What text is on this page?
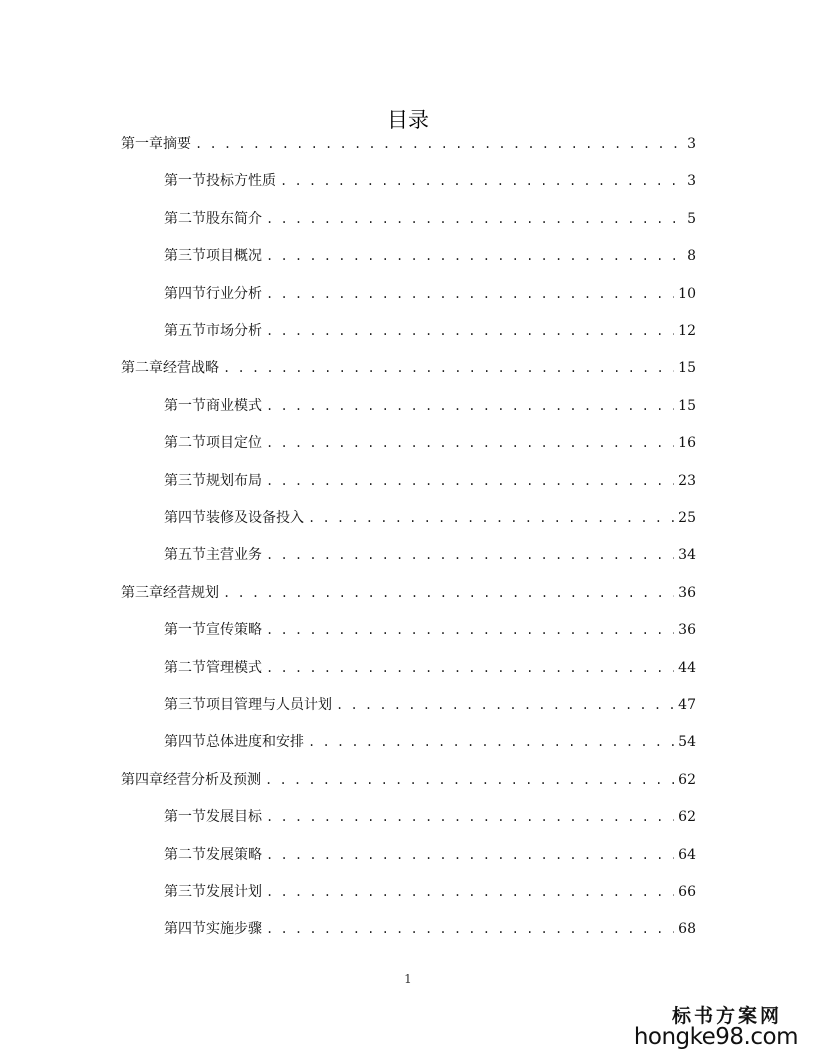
目录
第一章摘要 . . .	3
第一节投标方性质 . . .	3
第二节股东简介 . . .	5
第三节项目概况 . . .	8
第四节行业分析 . . .	10
第五节市场分析 . . .	12
第二章经营战略 . . .	15
第一节商业模式 . . .	15
第二节项目定位 . . .	16
第三节规划布局 . . .	23
第四节装修及设备投入 . . .	25
第五节主营业务 . . .	34
第三章经营规划 . . .	36
第一节宣传策略 . . .	36
第二节管理模式 . . .	44
第三节项目管理与人员计划 . . .	47
第四节总体进度和安排 . . .	54
第四章经营分析及预测 . . .	62
第一节发展目标 . . .	62
第二节发展策略 . . .	64
第三节发展计划 . . .	66
第四节实施步骤 . . .	68
1
标书方案网
hongke98.com
